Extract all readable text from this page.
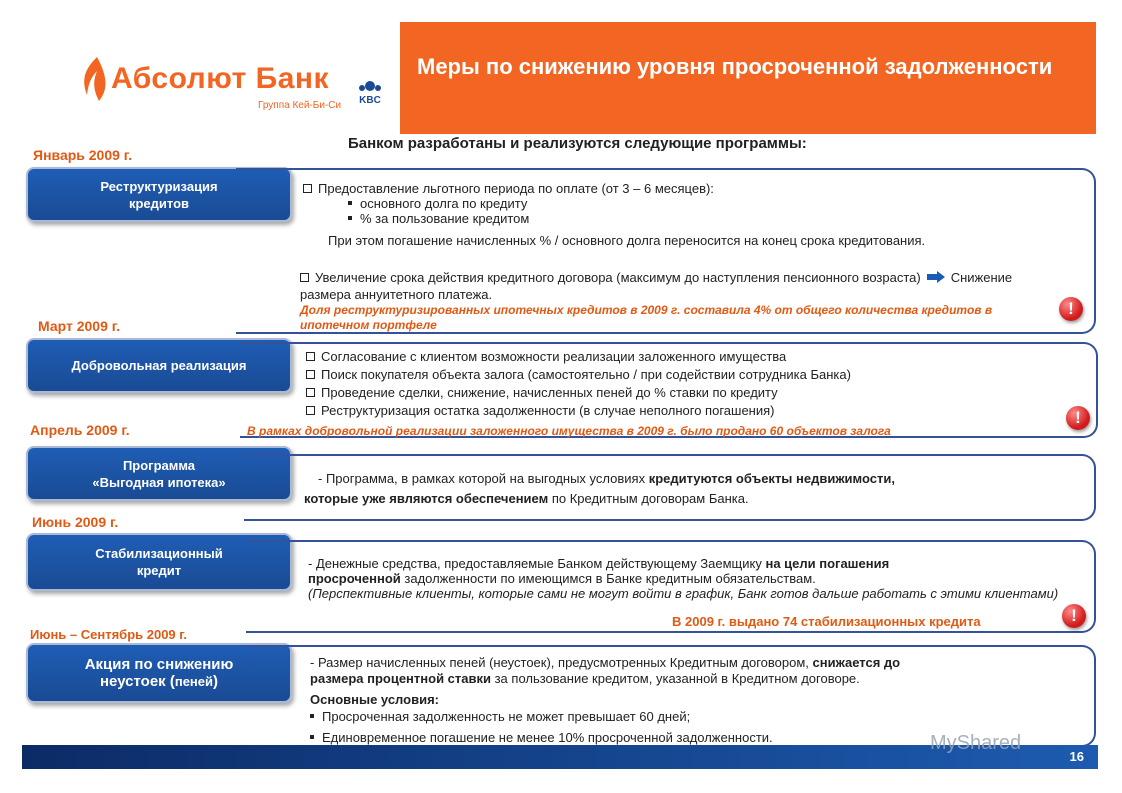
Абсолют Банк
Группа Кей-Би-Си KBC
Меры по снижению уровня просроченной задолженности
Банком разработаны и реализуются следующие программы:
Январь 2009 г.
Реструктуризация
кредитов
Предоставление льготного периода по оплате (от 3 – 6 месяцев):
основного долга по кредиту
% за пользование кредитом
При этом погашение начисленных % / основного долга переносится на конец срока кредитования.
Увеличение срока действия кредитного договора (максимум до наступления пенсионного возраста) Снижение размера аннуитетного платежа.
Доля реструктуризированных ипотечных кредитов в 2009 г. составила 4% от общего количества кредитов в ипотечном портфеле
!
Март 2009 г.
Добровольная реализация
Согласование с клиентом возможности реализации заложенного имущества
Поиск покупателя объекта залога (самостоятельно / при содействии сотрудника Банка)
Проведение сделки, снижение, начисленных пеней до % ставки по кредиту
Реструктуризация остатка задолженности (в случае неполного погашения)
В рамках добровольной реализации заложенного имущества в 2009 г. было продано 60 объектов залога
!
Апрель 2009 г.
Программа
«Выгодная ипотека»	- Программа, в рамках которой на выгодных условиях кредитуются объекты недвижимости,
которые уже являются обеспечением по Кредитным договорам Банка.
Июнь 2009 г.
Стабилизационный
кредит	- Денежные средства, предоставляемые Банком действующему Заемщику на цели погашения
просроченной задолженности по имеющимся в Банке кредитным обязательствам.
(Перспективные клиенты, которые сами не могут войти в график, Банк готов дальше работать с этими клиентами)
В 2009 г. выдано 74 стабилизационных кредита	!
Июнь – Сентябрь 2009 г.
Акция по снижению
неустоек (пеней)
- Размер начисленных пеней (неустоек), предусмотренных Кредитным договором, снижается до
размера процентной ставки за пользование кредитом, указанной в Кредитном договоре.
Основные условия:
Просроченная задолженность не может превышает 60 дней;
Единовременное погашение не менее 10% просроченной задолженности.
16
MyShared
